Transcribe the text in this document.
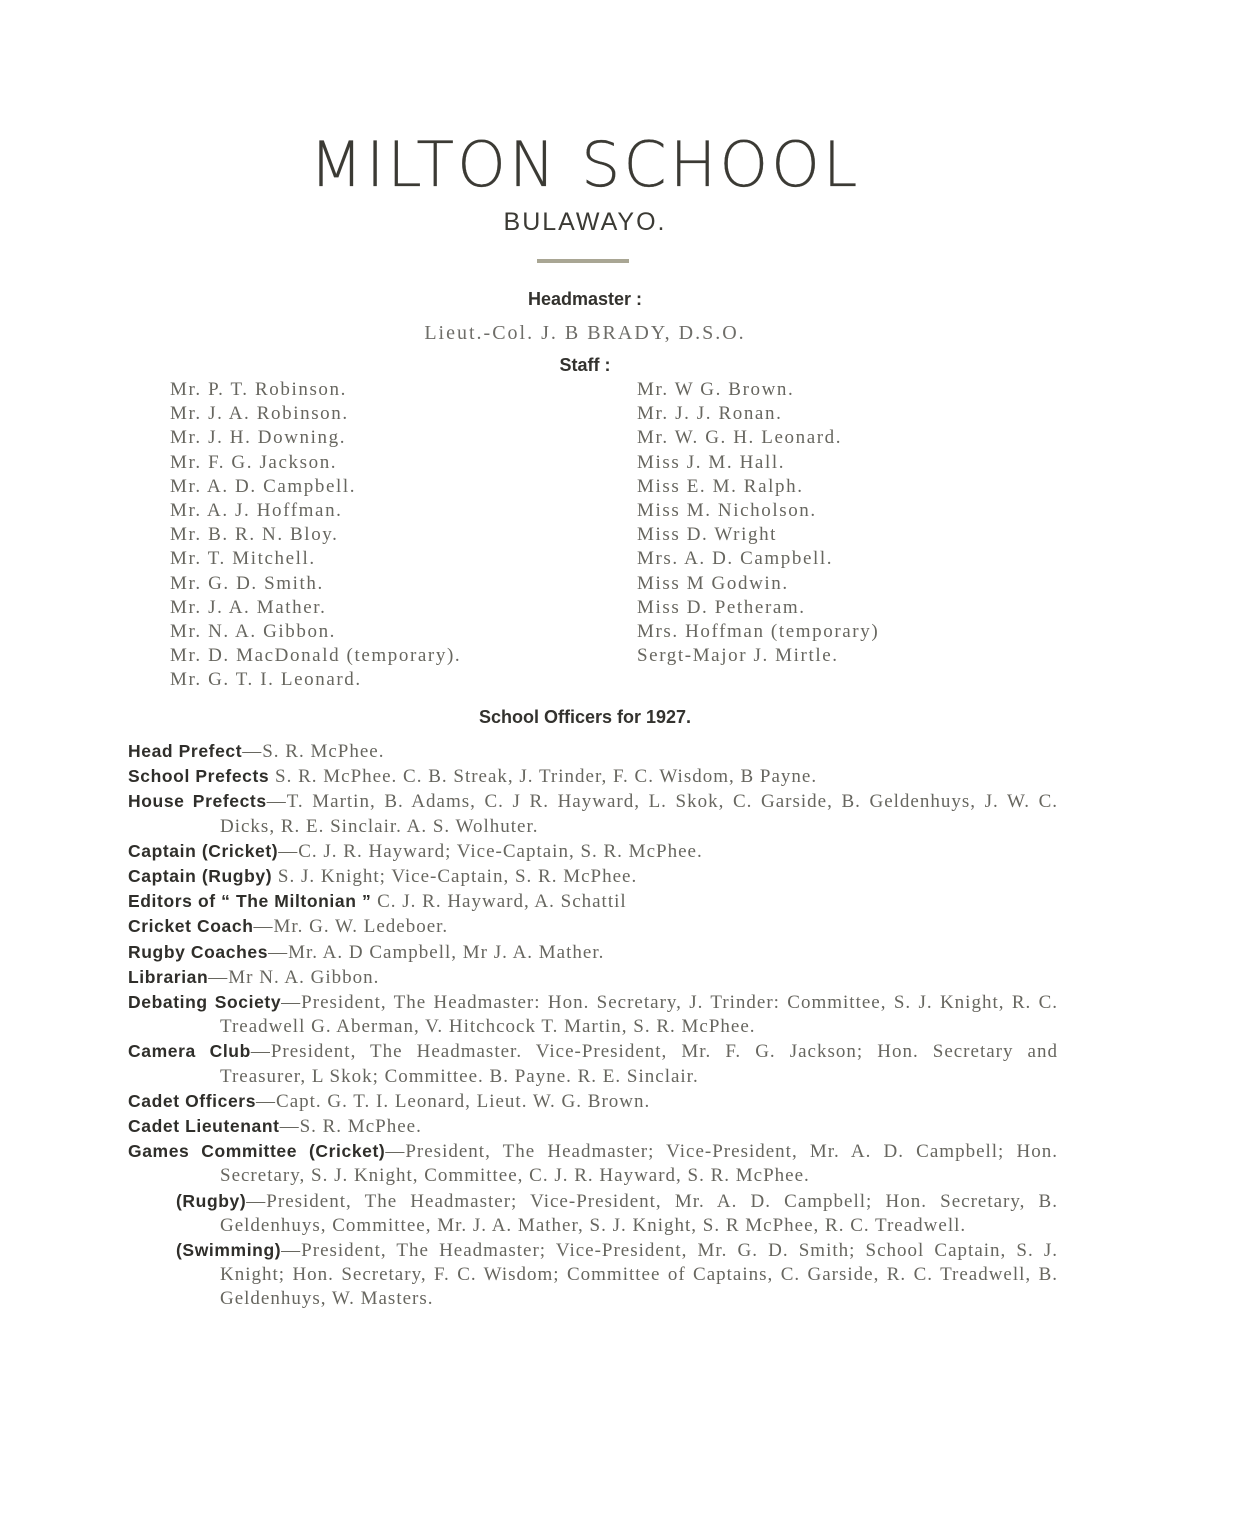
MILTON SCHOOL
BULAWAYO.
Headmaster :
Lieut.-Col. J. B BRADY, D.S.O.
Staff :
Mr. P. T. Robinson.
Mr. J. A. Robinson.
Mr. J. H. Downing.
Mr. F. G. Jackson.
Mr. A. D. Campbell.
Mr. A. J. Hoffman.
Mr. B. R. N. Bloy.
Mr. T. Mitchell.
Mr. G. D. Smith.
Mr. J. A. Mather.
Mr. N. A. Gibbon.
Mr. D. MacDonald (temporary).
Mr. G. T. I. Leonard.
Mr. W G. Brown.
Mr. J. J. Ronan.
Mr. W. G. H. Leonard.
Miss J. M. Hall.
Miss E. M. Ralph.
Miss M. Nicholson.
Miss D. Wright
Mrs. A. D. Campbell.
Miss M Godwin.
Miss D. Petheram.
Mrs. Hoffman (temporary)
Sergt-Major J. Mirtle.
School Officers for 1927.

Head Prefect—S. R. McPhee.

School Prefects S. R. McPhee. C. B. Streak, J. Trinder, F. C. Wisdom, B Payne.

House Prefects—T. Martin, B. Adams, C. J R. Hayward, L. Skok, C. Garside, B. Geldenhuys, J. W. C. Dicks, R. E. Sinclair. A. S. Wolhuter.

Captain (Cricket)—C. J. R. Hayward; Vice-Captain, S. R. McPhee.

Captain (Rugby) S. J. Knight; Vice-Captain, S. R. McPhee.

Editors of “ The Miltonian ” C. J. R. Hayward, A. Schattil

Cricket Coach—Mr. G. W. Ledeboer.

Rugby Coaches—Mr. A. D Campbell, Mr J. A. Mather.

Librarian—Mr N. A. Gibbon.

Debating Society—President, The Headmaster: Hon. Secretary, J. Trinder: Committee, S. J. Knight, R. C. Treadwell G. Aberman, V. Hitchcock T. Martin, S. R. McPhee.

Camera Club—President, The Headmaster. Vice-President, Mr. F. G. Jackson; Hon. Secretary and Treasurer, L Skok; Committee. B. Payne. R. E. Sinclair.

Cadet Officers—Capt. G. T. I. Leonard, Lieut. W. G. Brown.

Cadet Lieutenant—S. R. McPhee.

Games Committee (Cricket)—President, The Headmaster; Vice-President, Mr. A. D. Campbell; Hon. Secretary, S. J. Knight, Committee, C. J. R. Hayward, S. R. McPhee.

(Rugby)—President, The Headmaster; Vice-President, Mr. A. D. Campbell; Hon. Secretary, B. Geldenhuys, Committee, Mr. J. A. Mather, S. J. Knight, S. R McPhee, R. C. Treadwell.

(Swimming)—President, The Headmaster; Vice-President, Mr. G. D. Smith; School Captain, S. J. Knight; Hon. Secretary, F. C. Wisdom; Committee of Captains, C. Garside, R. C. Treadwell, B. Geldenhuys, W. Masters.
